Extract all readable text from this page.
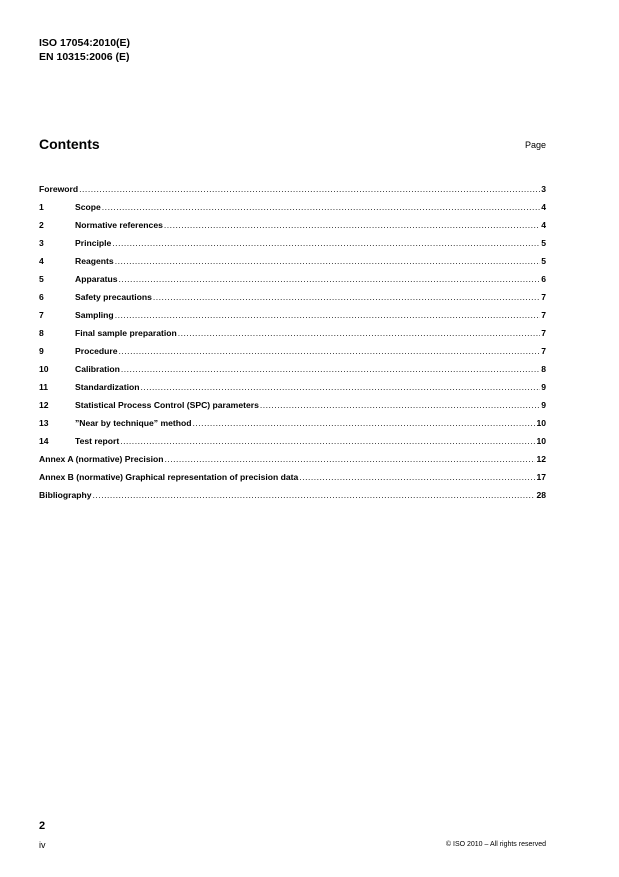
ISO 17054:2010(E)
EN 10315:2006 (E)
Contents	Page
Foreword .....	3
1	Scope .....	4
2	Normative references .....	4
3	Principle .....	5
4	Reagents .....	5
5	Apparatus .....	6
6	Safety precautions .....	7
7	Sampling .....	7
8	Final sample preparation .....	7
9	Procedure .....	7
10	Calibration .....	8
11	Standardization .....	9
12	Statistical Process Control (SPC) parameters .....	9
13	”Near by technique” method .....	10
14	Test report .....	10
Annex A (normative) Precision .....	12
Annex B (normative) Graphical representation of precision data .....	17
Bibliography .....	28
2
iv	© ISO 2010 – All rights reserved
